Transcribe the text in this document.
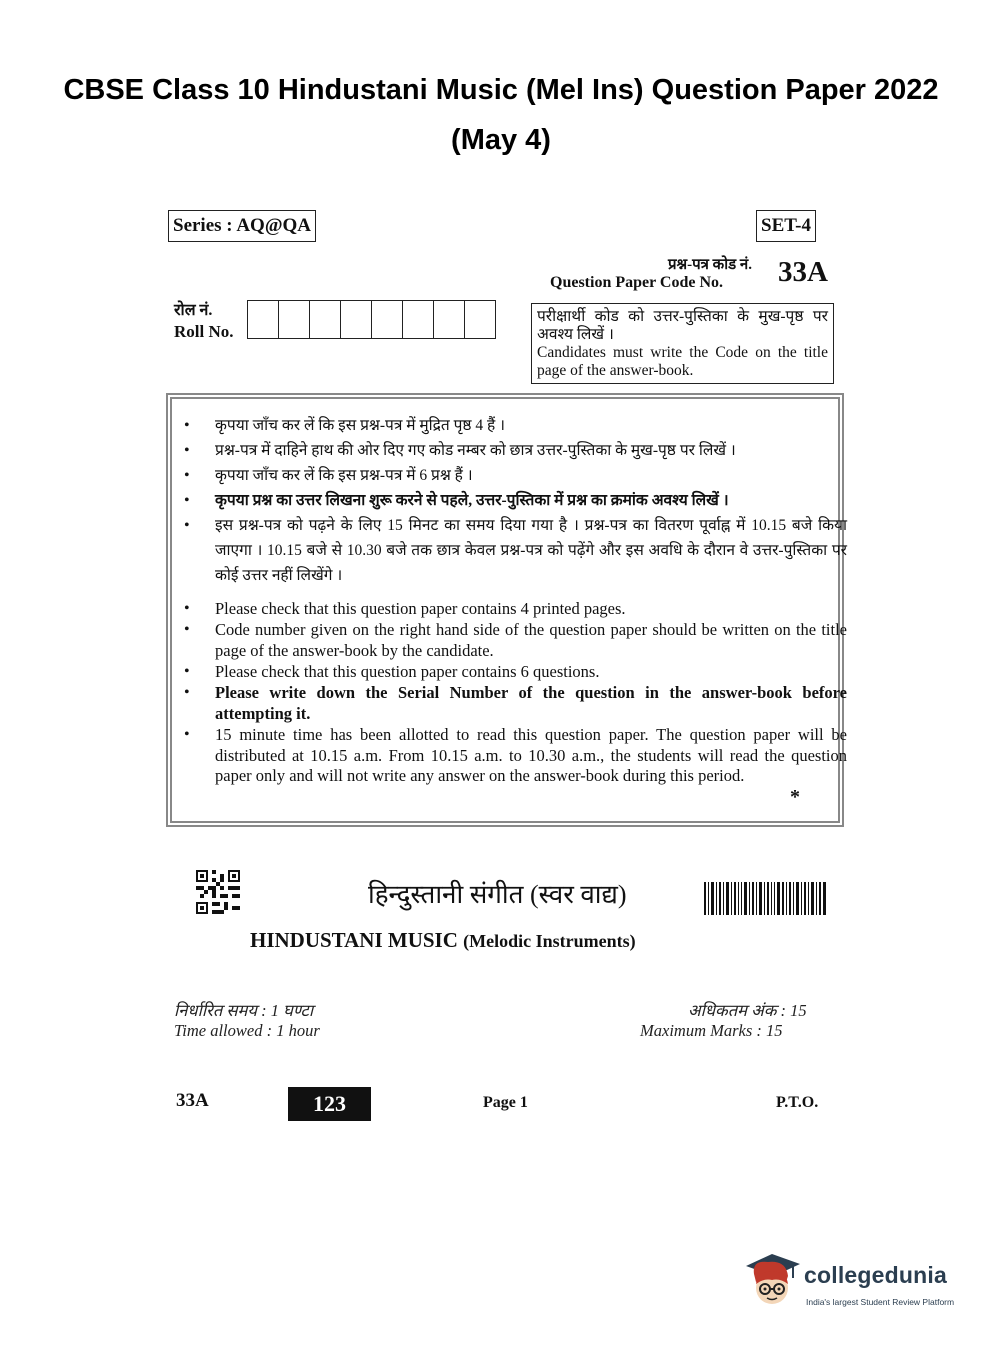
CBSE Class 10 Hindustani Music (Mel Ins) Question Paper 2022
(May 4)
Series : AQ@QA	SET-4
प्रश्न-पत्र कोड नं.
Question Paper Code No. 33A
रोल नं.
Roll No.
परीक्षार्थी कोड को उत्तर-पुस्तिका के मुख-पृष्ठ पर अवश्य लिखें ।
Candidates must write the Code on the title page of the answer-book.
• कृपया जाँच कर लें कि इस प्रश्न-पत्र में मुद्रित पृष्ठ 4 हैं ।
• प्रश्न-पत्र में दाहिने हाथ की ओर दिए गए कोड नम्बर को छात्र उत्तर-पुस्तिका के मुख-पृष्ठ पर लिखें ।
• कृपया जाँच कर लें कि इस प्रश्न-पत्र में 6 प्रश्न हैं ।
• कृपया प्रश्न का उत्तर लिखना शुरू करने से पहले, उत्तर-पुस्तिका में प्रश्न का क्रमांक अवश्य लिखें ।
• इस प्रश्न-पत्र को पढ़ने के लिए 15 मिनट का समय दिया गया है । प्रश्न-पत्र का वितरण पूर्वाह्न में 10.15 बजे किया जाएगा । 10.15 बजे से 10.30 बजे तक छात्र केवल प्रश्न-पत्र को पढ़ेंगे और इस अवधि के दौरान वे उत्तर-पुस्तिका पर कोई उत्तर नहीं लिखेंगे ।
• Please check that this question paper contains 4 printed pages.
• Code number given on the right hand side of the question paper should be written on the title page of the answer-book by the candidate.
• Please check that this question paper contains 6 questions.
• Please write down the Serial Number of the question in the answer-book before attempting it.
• 15 minute time has been allotted to read this question paper. The question paper will be distributed at 10.15 a.m. From 10.15 a.m. to 10.30 a.m., the students will read the question paper only and will not write any answer on the answer-book during this period.
*
हिन्दुस्तानी संगीत (स्वर वाद्य)
HINDUSTANI MUSIC (Melodic Instruments)
निर्धारित समय : 1 घण्टा
Time allowed : 1 hour
अधिकतम अंक : 15
Maximum Marks : 15
33A	123	Page 1	P.T.O.
collegedunia
India's largest Student Review Platform
